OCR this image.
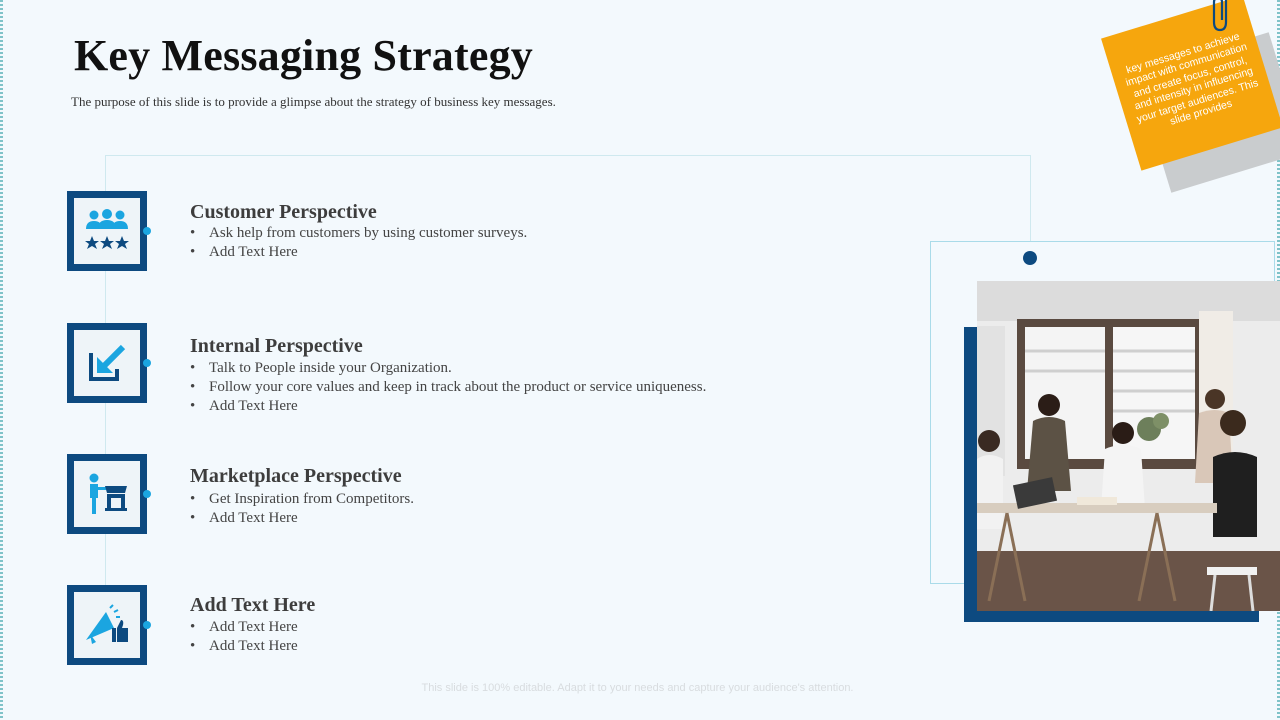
Key Messaging Strategy

The purpose of this slide is to provide a glimpse about the strategy of business key messages.

Customer Perspective
• Ask help from customers by using customer surveys.
• Add Text Here
Internal Perspective
• Talk to People inside your Organization.
• Follow your core values and keep in track about the product or service uniqueness.
• Add Text Here
Marketplace Perspective
• Get Inspiration from Competitors.
• Add Text Here
Add Text Here
• Add Text Here
• Add Text Here
key messages to achieve impact with communication and create focus, control, and intensity in influencing your target audiences. This slide provides
This slide is 100% editable. Adapt it to your needs and capture your audience's attention.
